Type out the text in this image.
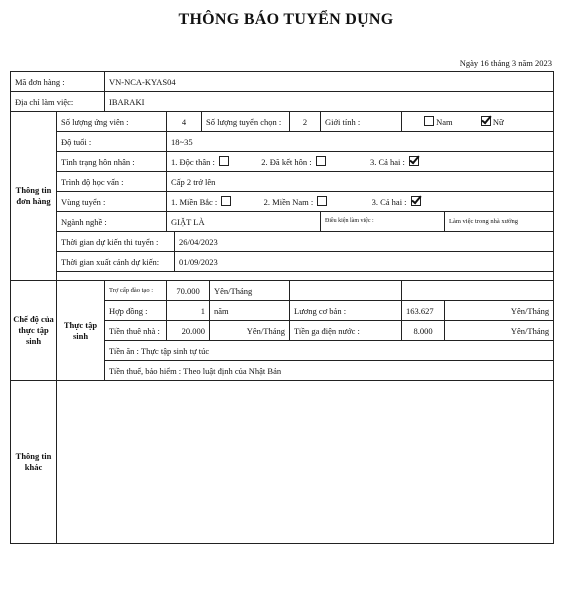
THÔNG BÁO TUYỂN DỤNG
Ngày 16 tháng 3 năm 2023
Mã đơn hàng :		VN-NCA-KYAS04								
Địa chỉ làm việc:		IBARAKI								
Thông tin đơn hàng	Số lượng ứng viên :		4		Số lượng tuyển chọn :		2	Giới tính :	Nam Nữ	
	Độ tuổi :		18~35							
	Tình trạng hôn nhân :		1. Độc thân : 2. Đã kết hôn : 3. Cả hai :							
	Trình độ học vấn :		Cấp 2 trở lên							
	Vùng tuyển :		1. Miền Bắc : 2. Miền Nam : 3. Cả hai :							
	Ngành nghề :		GIẶT LÀ					Điều kiện làm việc :		Làm việc trong nhà xưởng
	Thời gian dự kiến thi tuyển :			26/04/2023						
	Thời gian xuất cảnh dự kiến:			01/09/2023						

Chế độ của thực tập sinh	Thực tập sinh	Trợ cấp đào tạo :	70.000			Yên/Tháng				
		Hợp đồng :	1			năm	Lương cơ bản :		163.627	Yên/Tháng
		Tiền thuê nhà :	20.000			Yên/Tháng	Tiền ga điện nước :		8.000	Yên/Tháng
		Tiền ăn : Thực tập sinh tự túc								
		Tiền thuế, bảo hiểm : Theo luật định của Nhật Bản								
Thông tin khác										
